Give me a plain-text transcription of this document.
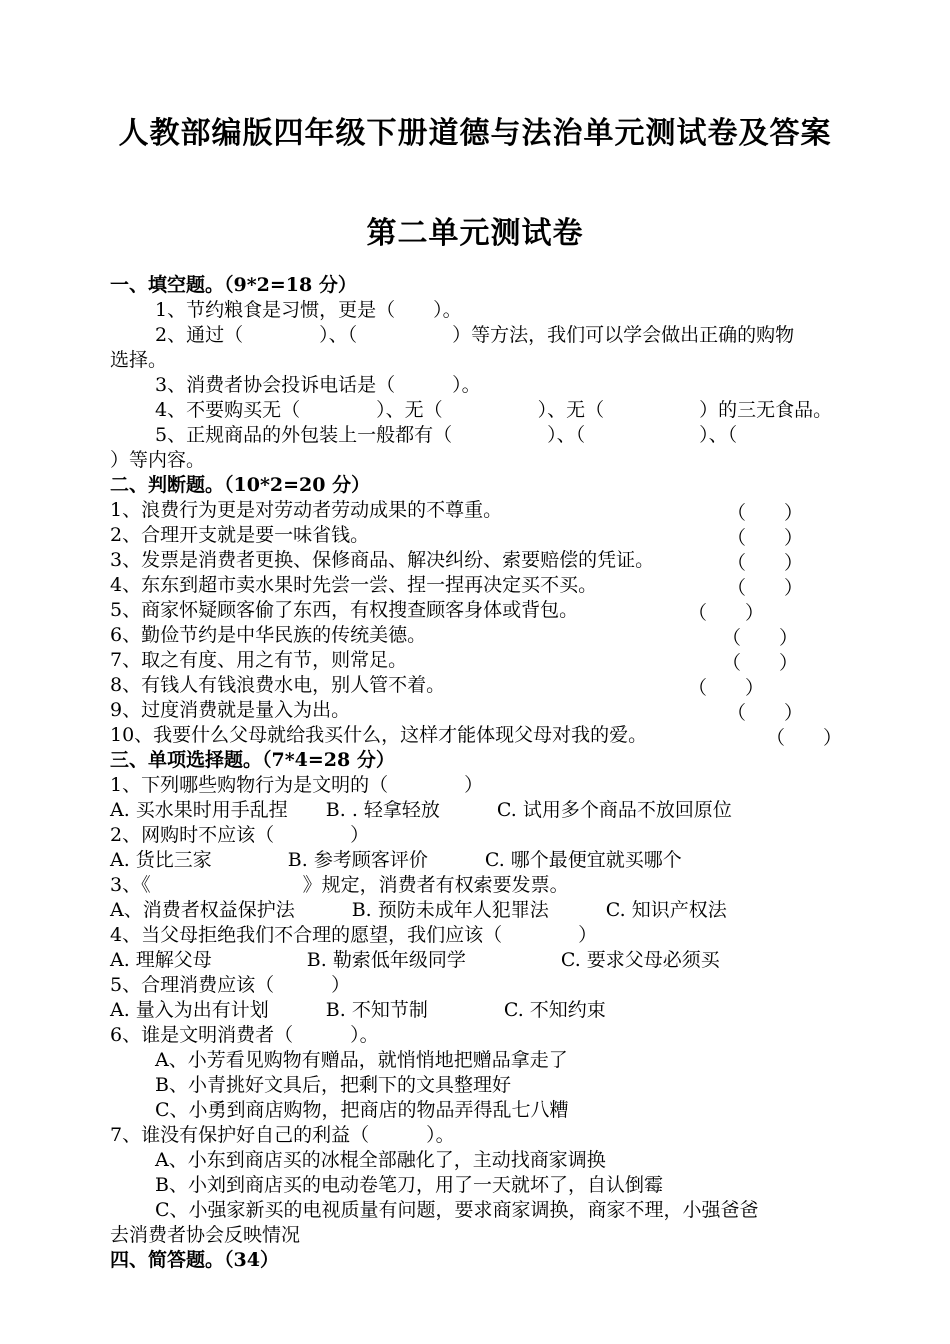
人教部编版四年级下册道德与法治单元测试卷及答案
第二单元测试卷
一、填空题。（9*2=18 分）
1、节约粮食是习惯，更是（　　）。
2、通过（　　　　）、（　　　　　）等方法，我们可以学会做出正确的购物
选择。
3、消费者协会投诉电话是（　　　）。
4、不要购买无（　　　　）、无（　　　　　）、无（　　　　　）的三无食品。
5、正规商品的外包装上一般都有（　　　　　）、（　　　　　　）、（
）等内容。
二、判断题。（10*2=20 分）
1、浪费行为更是对劳动者劳动成果的不尊重。	（　　）
2、合理开支就是要一味省钱。	（　　）
3、发票是消费者更换、保修商品、解决纠纷、索要赔偿的凭证。	（　　）
4、东东到超市卖水果时先尝一尝、捏一捏再决定买不买。	（　　）
5、商家怀疑顾客偷了东西，有权搜查顾客身体或背包。	（　　）
6、勤俭节约是中华民族的传统美德。	（　　）
7、取之有度、用之有节，则常足。	（　　）
8、有钱人有钱浪费水电，别人管不着。	（　　）
9、过度消费就是量入为出。	（　　）
10、我要什么父母就给我买什么，这样才能体现父母对我的爱。	（　　）
三、单项选择题。（7*4=28 分）
1、下列哪些购物行为是文明的（　　　　）
A. 买水果时用手乱捏　　B. . 轻拿轻放　　　C. 试用多个商品不放回原位
2、网购时不应该（　　　　）
A. 货比三家　　　　B. 参考顾客评价　　　C. 哪个最便宜就买哪个
3、《　　　　　　　　》规定，消费者有权索要发票。
A、消费者权益保护法　　　B. 预防未成年人犯罪法　　　C. 知识产权法
4、当父母拒绝我们不合理的愿望，我们应该（　　　　）
A. 理解父母　　　　　B. 勒索低年级同学　　　　　C. 要求父母必须买
5、合理消费应该（　　　）
A. 量入为出有计划　　　B. 不知节制　　　　C. 不知约束
6、谁是文明消费者（　　　）。
A、小芳看见购物有赠品，就悄悄地把赠品拿走了
B、小青挑好文具后，把剩下的文具整理好
C、小勇到商店购物，把商店的物品弄得乱七八糟
7、谁没有保护好自己的利益（　　　）。
A、小东到商店买的冰棍全部融化了，主动找商家调换
B、小刘到商店买的电动卷笔刀，用了一天就坏了，自认倒霉
C、小强家新买的电视质量有问题，要求商家调换，商家不理，小强爸爸
去消费者协会反映情况
四、简答题。（34）
